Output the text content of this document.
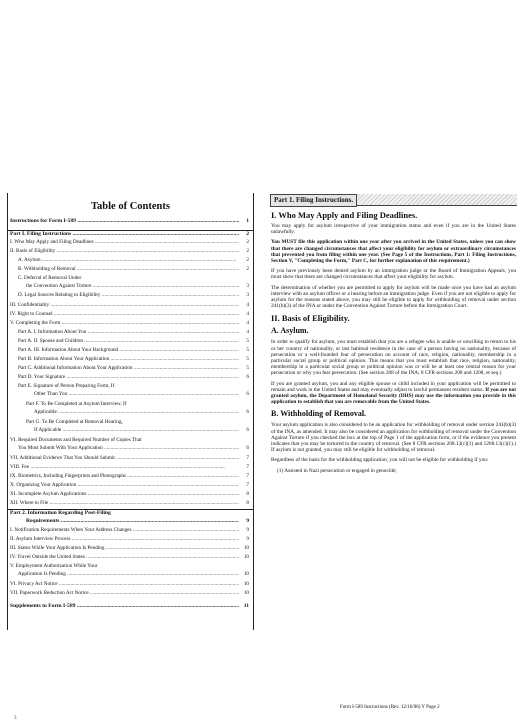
Table of Contents
Instructions for Form I-589 .....	1
Part I. Filing Instructions .....	2
I. Who May Apply and Filing Deadlines .....	2
II. Basis of Eligibility .....	2
A. Asylum .....	2
B. Withholding of Removal .....	2
C. Deferral of Removal Under
the Convention Against Torture .....	3
D. Legal Sources Relating to Eligibility .....	3
III. Confidentiality .....	4
IV. Right to Counsel .....	4
V. Completing the Form .....	4
Part A. I. Information About You .....	4
Part A. II. Spouse and Children .....	5
Part A. III. Information About Your Background .....	5
Part B. Information About Your Application .....	5
Part C. Additional Information About Your Application .....	5
Part D. Your Signature .....	6
Part E. Signature of Person Preparing Form, If
Other Than You .....	6
Part F. To Be Completed at Asylum Interview, If
Applicable .....	6
Part G. To Be Completed at Removal Hearing,
If Applicable .....	6
VI. Required Documents and Required Number of Copies That
You Must Submit With Your Application .....	6
VII. Additional Evidence That You Should Submit .....	7
VIII. Fee .....	7
IX. Biometrics, Including Fingerprints and Photographs .....	7
X. Organizing Your Application .....	7
XI. Incomplete Asylum Applications .....	8
XII. Where to File .....	8
Part 2. Information Regarding Post-Filing
Requirements .....	9
I. Notification Requirements When Your Address Changes .....	9
II. Asylum Interview Process .....	9
III. Status While Your Application Is Pending .....	10
IV. Travel Outside the United States .....	10
V. Employment Authorization While Your
Application Is Pending .....	10
VI. Privacy Act Notice .....	10
VII. Paperwork Reduction Act Notice .....	10
Supplements to Form I-589 .....	11
Part 1. Filing Instructions.
I. Who May Apply and Filing Deadlines.

You may apply for asylum irrespective of your immigration status and even if you are in the United States unlawfully.

You MUST file this application within one year after you arrived in the United States, unless you can show that there are changed circumstances that affect your eligibility for asylum or extraordinary circumstances that prevented you from filing within one year. (See Page 5 of the Instructions, Part 1: Filing Instructions, Section V, "Completing the Form," Part C, for further explanation of this requirement.)

If you have previously been denied asylum by an immigration judge or the Board of Immigration Appeals, you must show that there are changed circumstances that affect your eligibility for asylum.

The determination of whether you are permitted to apply for asylum will be made once you have had an asylum interview with an asylum officer or a hearing before an immigration judge. Even if you are not eligible to apply for asylum for the reasons stated above, you may still be eligible to apply for withholding of removal under section 241(b)(3) of the INA or under the Convention Against Torture before the Immigration Court.

II. Basis of Eligibility.
A. Asylum.

In order to qualify for asylum, you must establish that you are a refugee who is unable or unwilling to return to his or her country of nationality, or last habitual residence in the case of a person having no nationality, because of persecution or a well-founded fear of persecution on account of race, religion, nationality, membership in a particular social group or political opinion. This means that you must establish that race, religion, nationality, membership in a particular social group or political opinion was or will be at least one central reason for your persecution or why you fear persecution. (See section 208 of the INA; 8 CFR sections 208 and 1208, et seq.)

If you are granted asylum, you and any eligible spouse or child included in your application will be permitted to remain and work in the United States and may eventually adjust to lawful permanent resident status. If you are not granted asylum, the Department of Homeland Security (DHS) may use the information you provide in this application to establish that you are removable from the United States.

B. Withholding of Removal.

Your asylum application is also considered to be an application for withholding of removal under section 241(b)(3) of the INA, as amended. It may also be considered an application for withholding of removal under the Convention Against Torture if you checked the box at the top of Page 1 of the application form, or if the evidence you present indicates that you may be tortured in the country of removal. (See 8 CFR sections 208.13(c)(1) and 1208.13(c)(1).) If asylum is not granted, you may still be eligible for withholding of removal.

Regardless of the basis for the withholding application, you will not be eligible for withholding if you:

(1) Assisted in Nazi persecution or engaged in genocide;

Form I-589 Instructions (Rev. 12/16/06) Y Page 2
3
